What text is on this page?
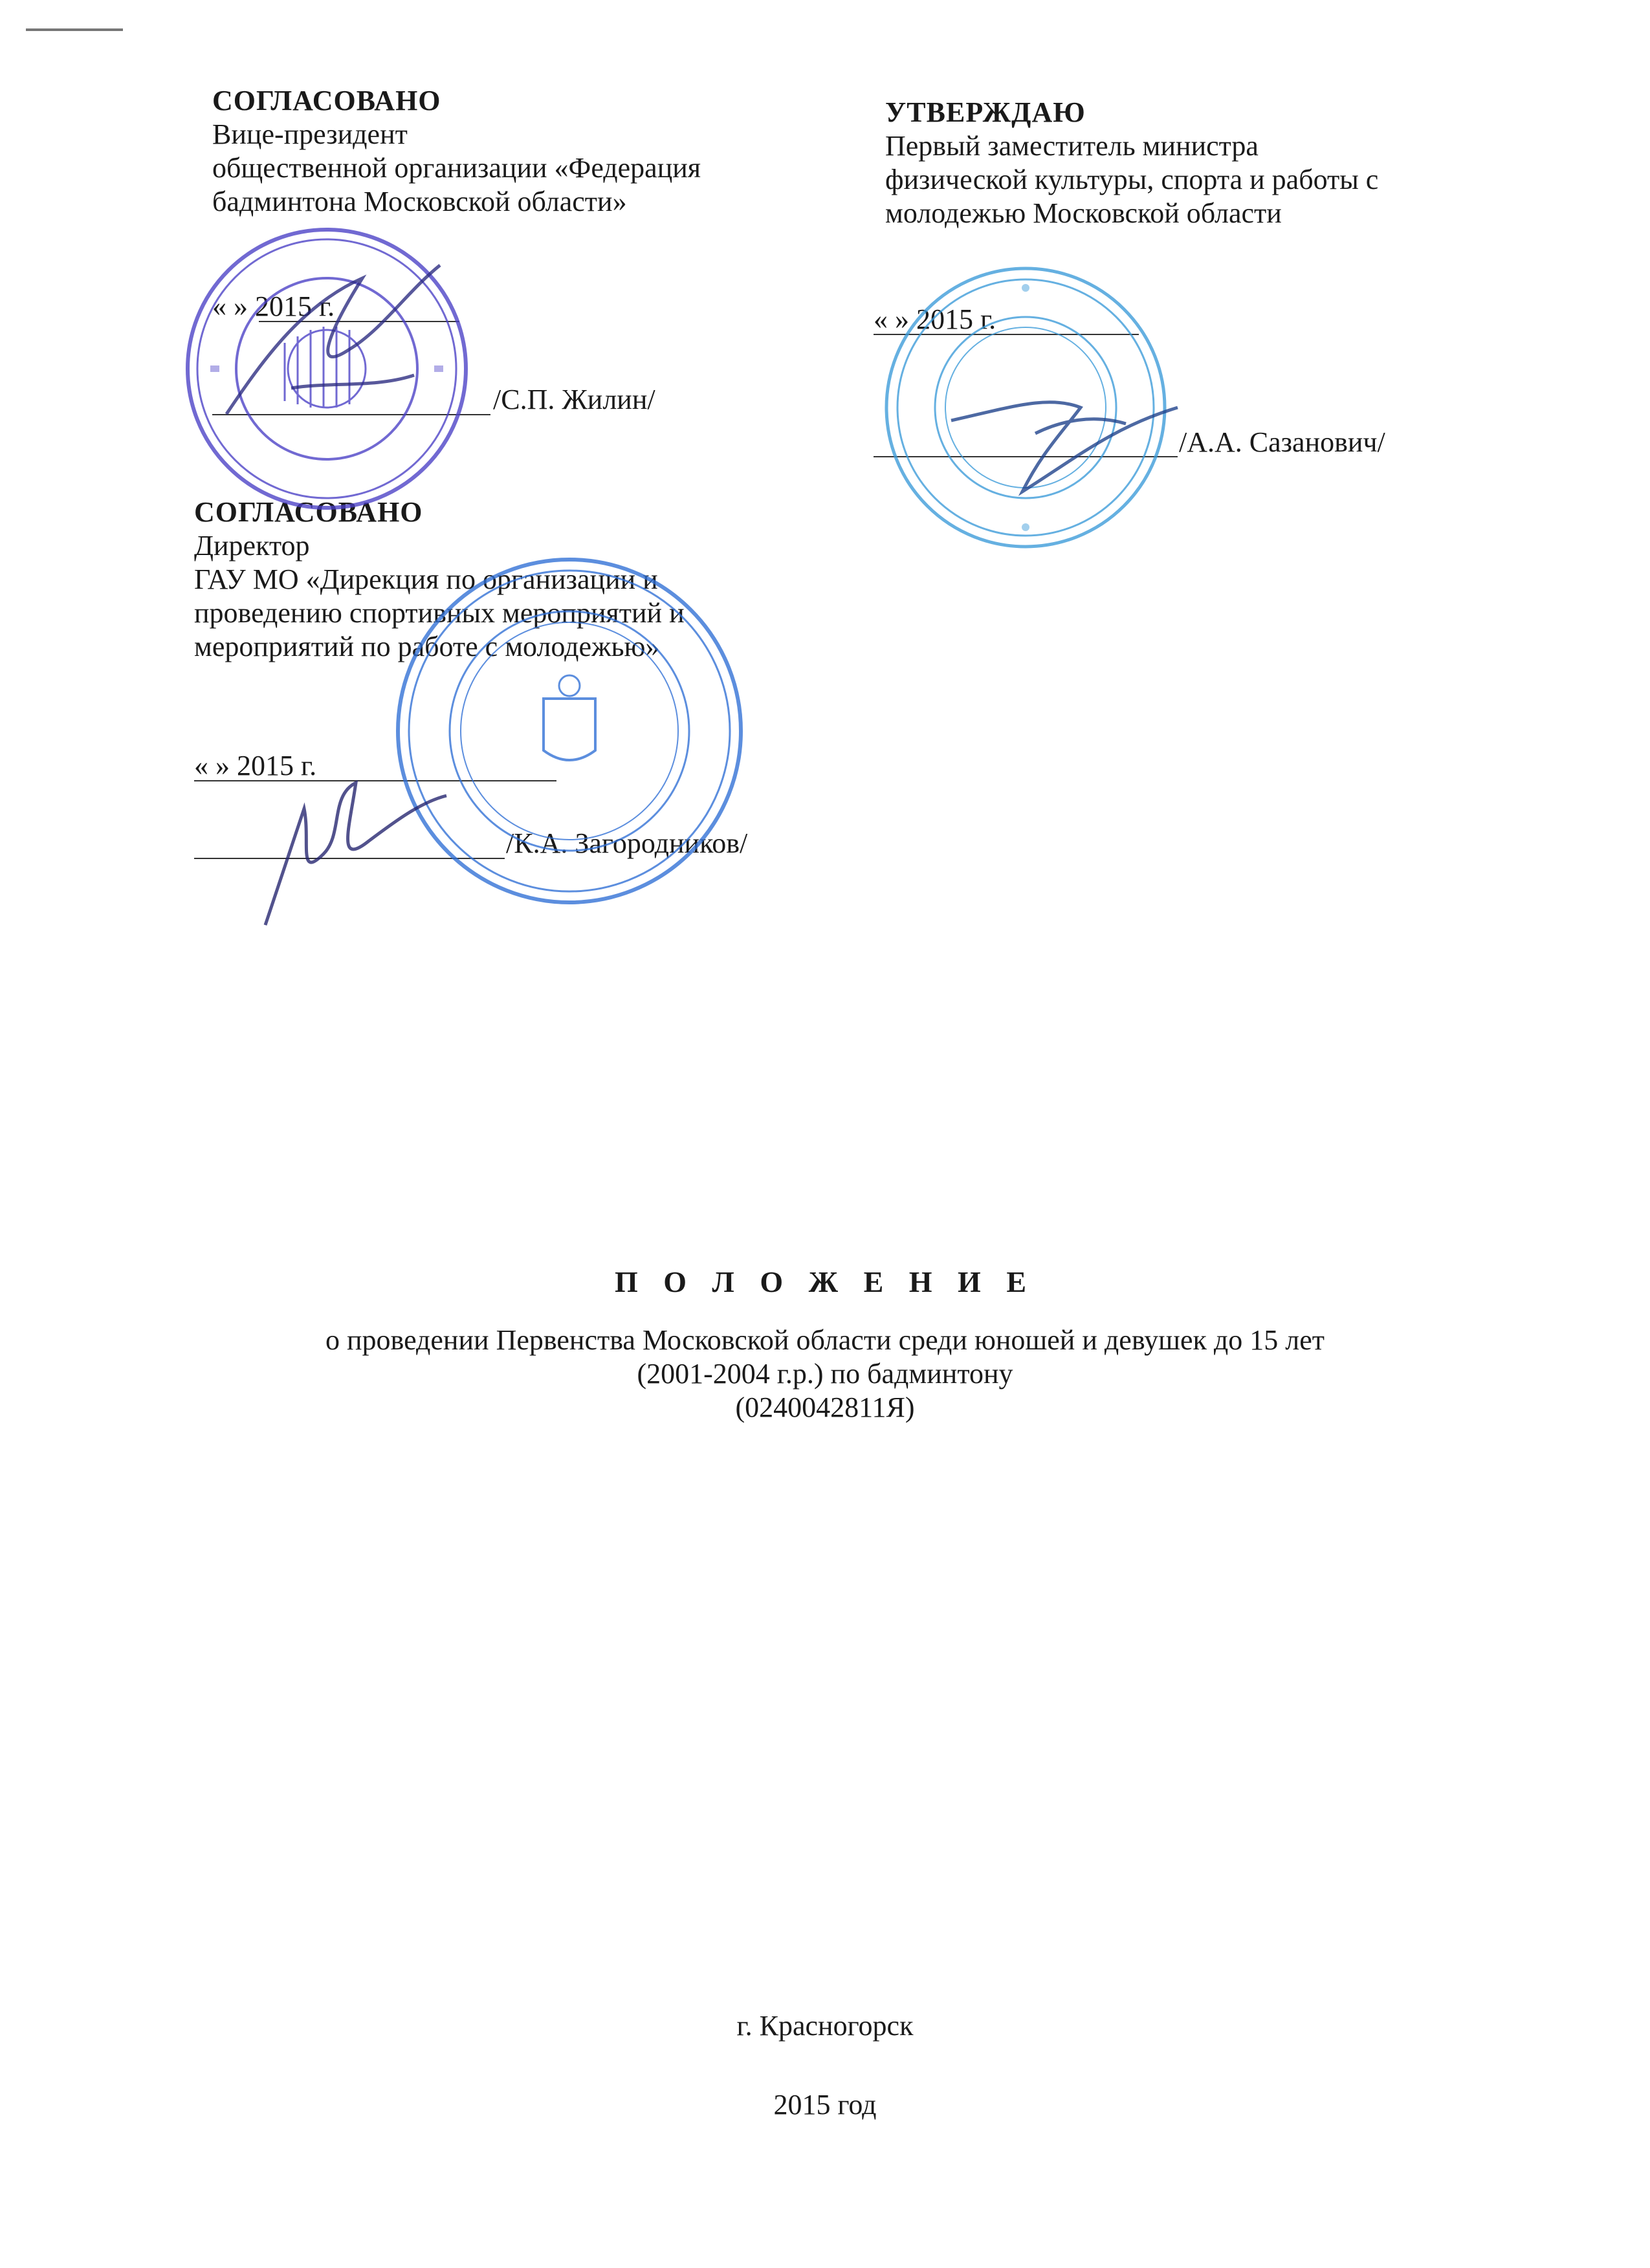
СОГЛАСОВАНО
Вице-президент
общественной организации «Федерация
бадминтона Московской области»
« » 2015 г.
/С.П. Жилин/
УТВЕРЖДАЮ
Первый заместитель министра
физической культуры, спорта и работы с
молодежью Московской области
« » 2015 г.
/А.А. Сазанович/
СОГЛАСОВАНО
Директор
ГАУ МО «Дирекция по организации и
проведению спортивных мероприятий и
мероприятий по работе с молодежью»
« » 2015 г.
/К.А. Загородников/
П О Л О Ж Е Н И Е
о проведении Первенства Московской области среди юношей и девушек до 15 лет
(2001-2004 г.р.) по бадминтону
(0240042811Я)
г. Красногорск
2015 год
